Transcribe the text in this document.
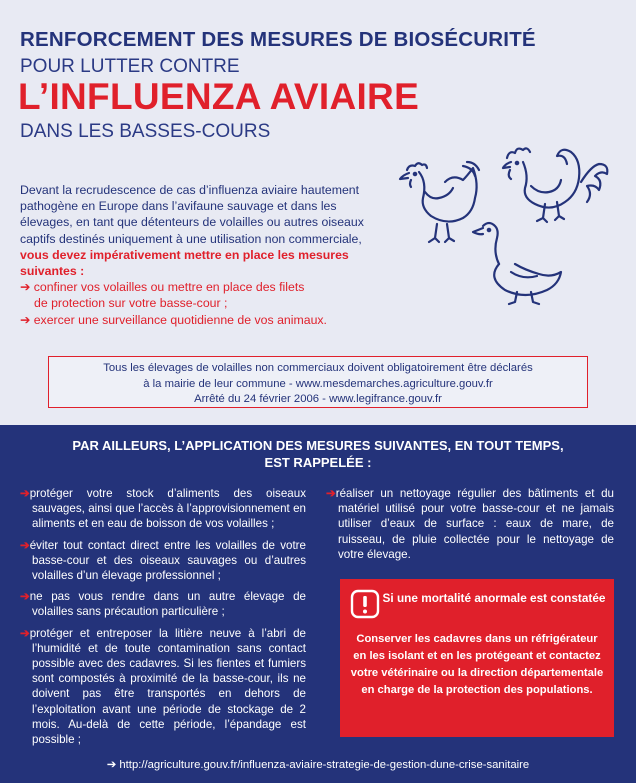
RENFORCEMENT DES MESURES DE BIOSÉCURITÉ
POUR LUTTER CONTRE
L’INFLUENZA AVIAIRE
DANS LES BASSES-COURS
Devant la recrudescence de cas d’influenza aviaire hautement pathogène en Europe dans l’avifaune sauvage et dans les élevages, en tant que détenteurs de volailles ou autres oiseaux captifs destinés uniquement à une utilisation non commerciale, vous devez impérativement mettre en place les mesures suivantes :
➔ confiner vos volailles ou mettre en place des filets
de protection sur votre basse-cour ;
➔ exercer une surveillance quotidienne de vos animaux.
Tous les élevages de volailles non commerciaux doivent obligatoirement être déclarés
à la mairie de leur commune - www.mesdemarches.agriculture.gouv.fr
Arrêté du 24 février 2006 - www.legifrance.gouv.fr
PAR AILLEURS, L’APPLICATION DES MESURES SUIVANTES, EN TOUT TEMPS,
EST RAPPELÉE :
➔protéger votre stock d’aliments des oiseaux sauvages, ainsi que l’accès à l’approvisionnement en aliments et en eau de boisson de vos volailles ;
➔éviter tout contact direct entre les volailles de votre basse-cour et des oiseaux sauvages ou d’autres volailles d’un élevage professionnel ;
➔ne pas vous rendre dans un autre élevage de volailles sans précaution particulière ;
➔protéger et entreposer la litière neuve à l’abri de l’humidité et de toute contamination sans contact possible avec des cadavres. Si les fientes et fumiers sont compostés à proximité de la basse-cour, ils ne doivent pas être transportés en dehors de l’exploitation avant une période de stockage de 2 mois. Au-delà de cette période, l’épandage est possible ;
➔réaliser un nettoyage régulier des bâtiments et du matériel utilisé pour votre basse-cour et ne jamais utiliser d’eaux de surface : eaux de mare, de ruisseau, de pluie collectée pour le nettoyage de votre élevage.
Si une mortalité anormale est constatée
Conserver les cadavres dans un réfrigérateur en les isolant et en les protégeant et contactez votre vétérinaire ou la direction départementale en charge de la protection des populations.
➔ http://agriculture.gouv.fr/influenza-aviaire-strategie-de-gestion-dune-crise-sanitaire
